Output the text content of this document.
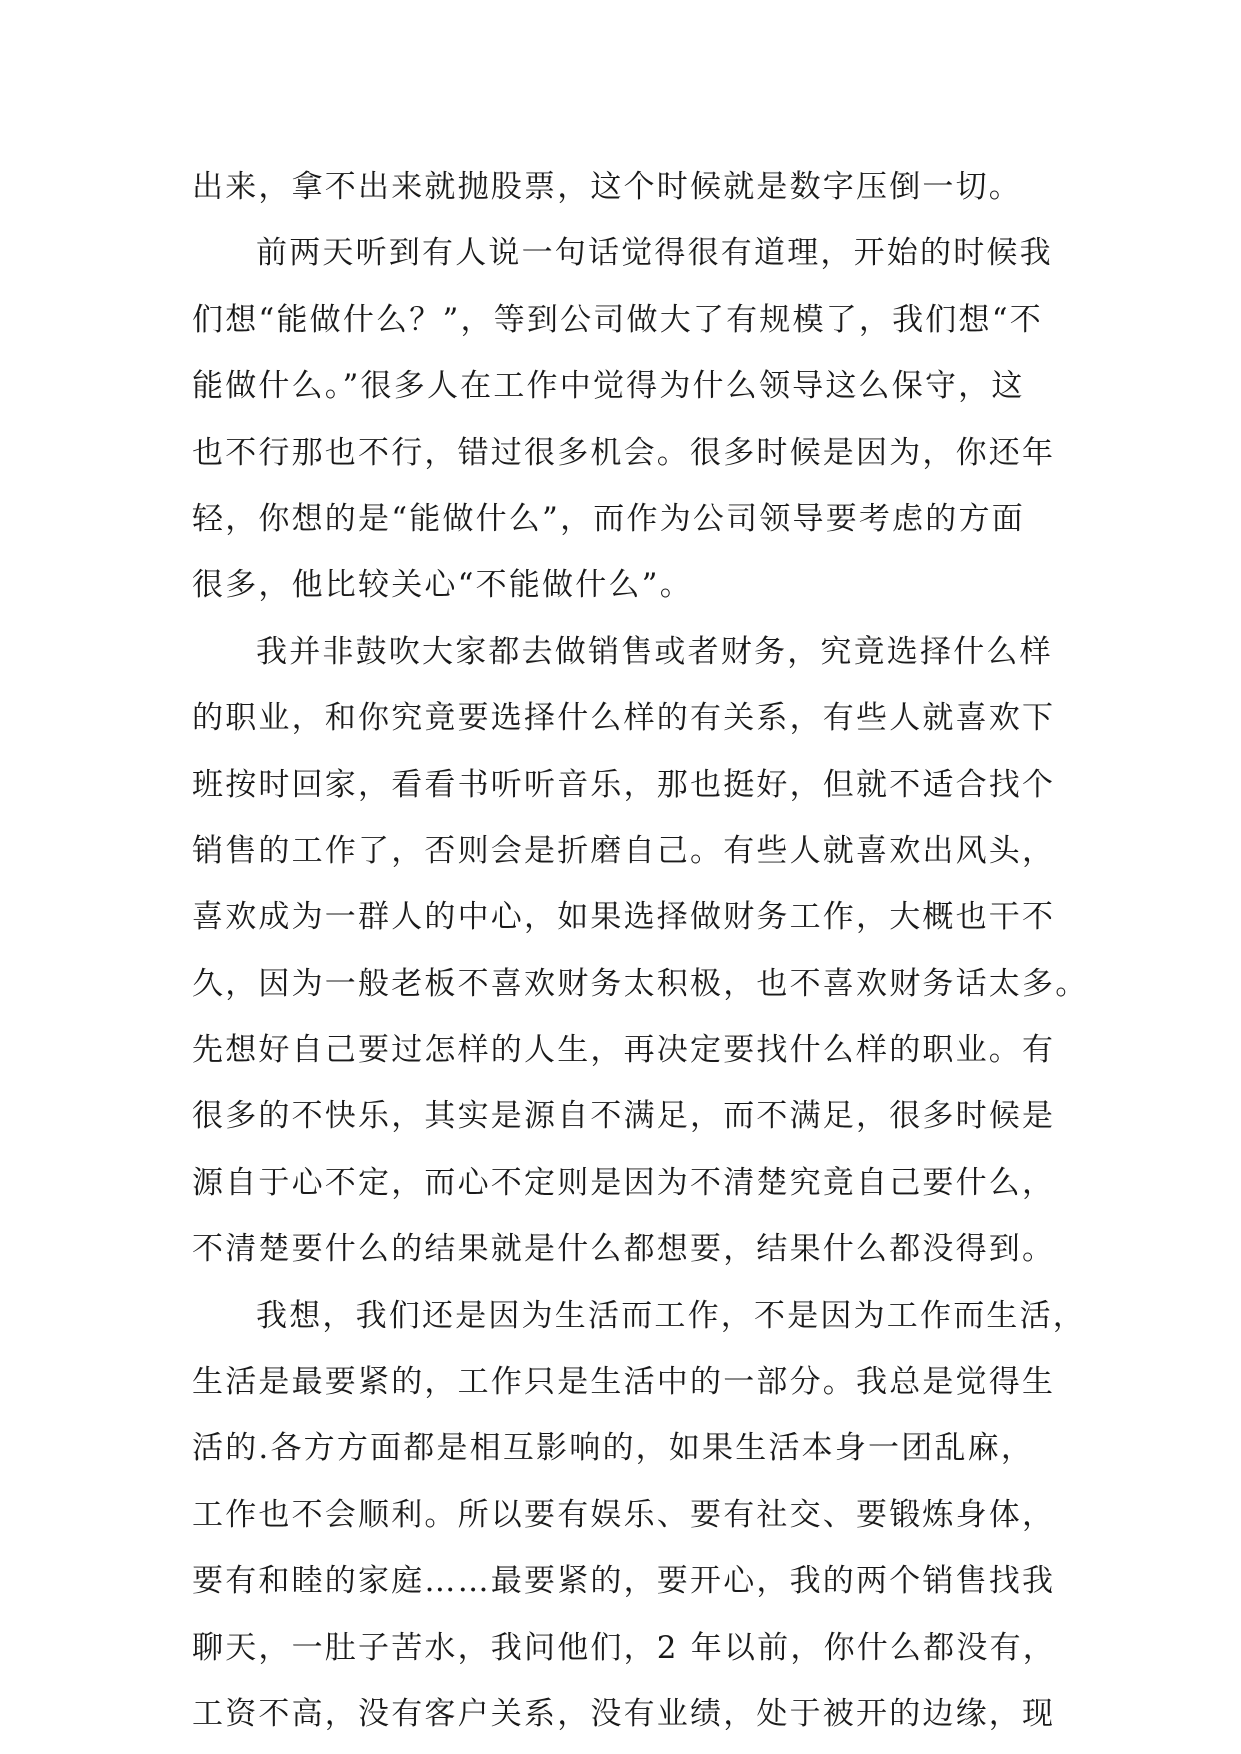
出来，拿不出来就抛股票，这个时候就是数字压倒一切。
前两天听到有人说一句话觉得很有道理，开始的时候我
们想“能做什么？”，等到公司做大了有规模了，我们想“不
能做什么。”很多人在工作中觉得为什么领导这么保守，这
也不行那也不行，错过很多机会。很多时候是因为，你还年
轻，你想的是“能做什么”，而作为公司领导要考虑的方面
很多，他比较关心“不能做什么”。
我并非鼓吹大家都去做销售或者财务，究竟选择什么样
的职业，和你究竟要选择什么样的有关系，有些人就喜欢下
班按时回家，看看书听听音乐，那也挺好，但就不适合找个
销售的工作了，否则会是折磨自己。有些人就喜欢出风头，
喜欢成为一群人的中心，如果选择做财务工作，大概也干不
久，因为一般老板不喜欢财务太积极，也不喜欢财务话太多。
先想好自己要过怎样的人生，再决定要找什么样的职业。有
很多的不快乐，其实是源自不满足，而不满足，很多时候是
源自于心不定，而心不定则是因为不清楚究竟自己要什么，
不清楚要什么的结果就是什么都想要，结果什么都没得到。
我想，我们还是因为生活而工作，不是因为工作而生活，
生活是最要紧的，工作只是生活中的一部分。我总是觉得生
活的.各方方面都是相互影响的，如果生活本身一团乱麻，
工作也不会顺利。所以要有娱乐、要有社交、要锻炼身体，
要有和睦的家庭……最要紧的，要开心，我的两个销售找我
聊天，一肚子苦水，我问他们，2 年以前，你什么都没有，
工资不高，没有客户关系，没有业绩，处于被开的边缘，现
